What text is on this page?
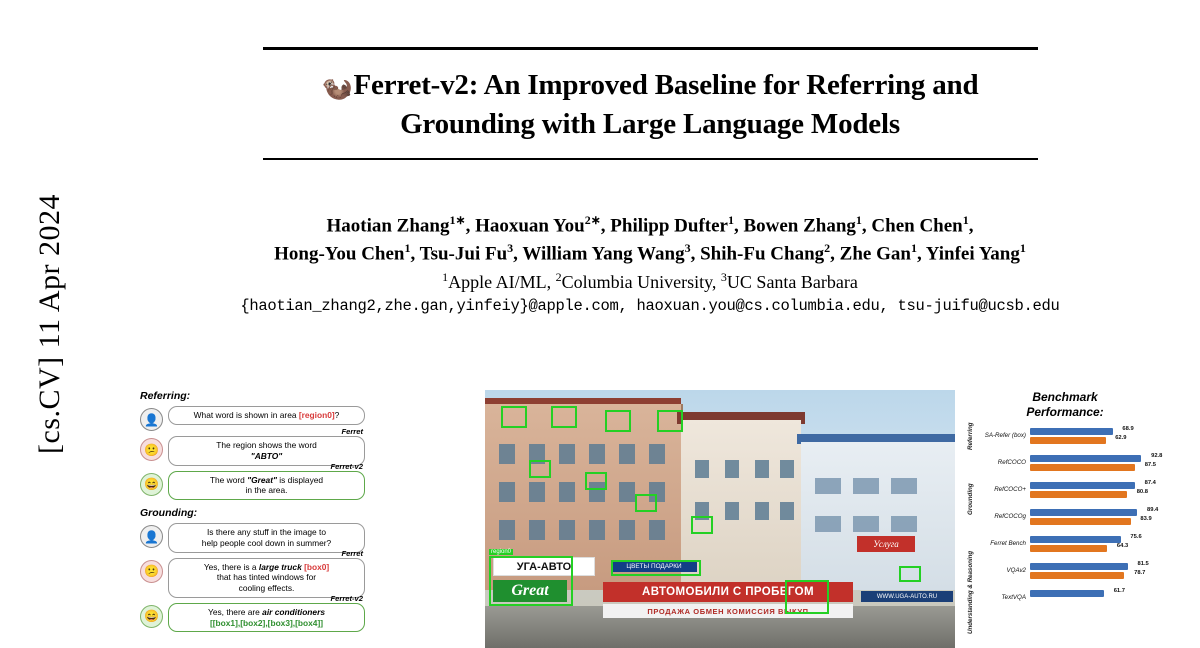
[cs.CV] 11 Apr 2024
🦦Ferret-v2: An Improved Baseline for Referring and
Grounding with Large Language Models
Haotian Zhang$^{1∗}$, Haoxuan You$^{2∗}$, Philipp Dufter$^1$, Bowen Zhang$^1$, Chen Chen$^1$,
Hong-You Chen$^1$, Tsu-Jui Fu$^3$, William Yang Wang$^3$, Shih-Fu Chang$^2$, Zhe Gan$^1$, Yinfei Yang$^1$
$^1$Apple AI/ML, $^2$Columbia University, $^3$UC Santa Barbara
{haotian_zhang2,zhe.gan,yinfeiy}@apple.com, haoxuan.you@cs.columbia.edu, tsu-juifu@ucsb.edu
Referring:
👤	What word is shown in area [region0]?
😕
Ferret
The region shows the word
"ABTO"
😄
Ferret-v2
The word "Great" is displayed
in the area.
Grounding:
👤	Is there any stuff in the image to
help people cool down in summer?
😕
Ferret
Yes, there is a large truck [box0]
that has tinted windows for
cooling effects.
😄
Ferret-v2
Yes, there are air conditioners
[[box1],[box2],[box3],[box4]]
Услуга
ЦВЕТЫ ПОДАРКИ
УГА-АВТО
Great	АВТОМОБИЛИ С ПРОБЕГОМ
ПРОДАЖА ОБМЕН КОМИССИЯ ВЫКУП
WWW.UGA-AUTO.RU
region0
Benchmark
Performance:
Referring SA-Refer (box)
68.9
62.9
Grounding
RefCOCO
92.8
87.5
RefCOCO+
87.4
80.8
RefCOCOg
89.4
83.9
Understanding & Reasoning
Ferret Bench
75.6
64.3
VQAv2
81.5
78.7
TextVQA
61.7
